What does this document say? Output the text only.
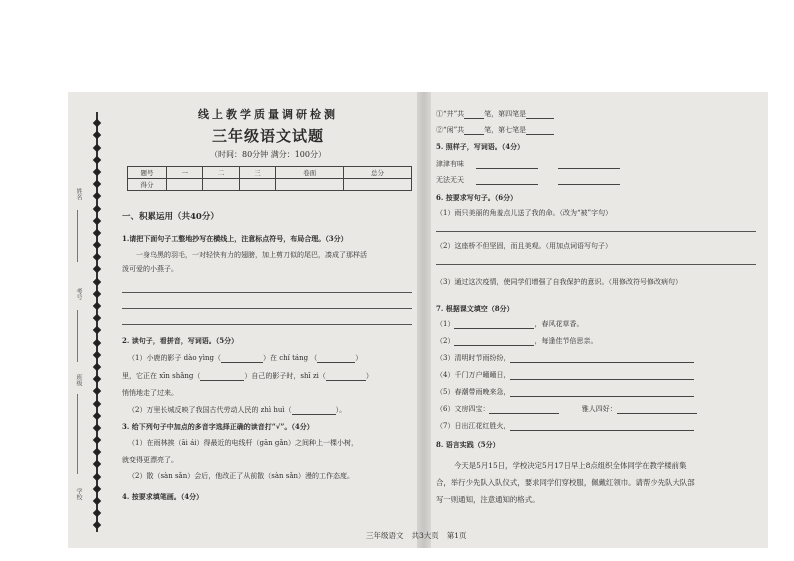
姓名
考号
班级
学校
线上教学质量调研检测
三年级语文试题
（时间：80分钟 满分：100分）
题号	一	二	三	卷面	总分
得分					
一、积累运用（共40分）
1.请把下面句子工整地抄写在横线上，注意标点符号，布局合理。（3分）
一身乌黑的羽毛，一对轻快有力的翅膀，加上剪刀似的尾巴，凑成了那样活
泼可爱的小燕子。
2. 读句子，看拼音，写词语。（5分）
（1）小鹿的影子 dào yìng（	）在 chí táng （	）
里，它正在 xīn shǎng（	）自己的影子时，shī zi（	）
悄悄地走了过来。
（2）万里长城反映了我国古代劳动人民的 zhì huì（	）。
3. 给下列句子中加点的多音字选择正确的读音打“√”。（4分）
（1）在雨林挨（āi ái）得最近的电线杆（gān gǎn）之间种上一棵小树，
就变得更漂亮了。
（2）散（sàn sǎn）会后，他改正了从前散（sàn sǎn）漫的工作态度。
4. 按要求填笔画。（4分）
①“井”共	笔，第四笔是
②“闲”共	笔，第七笔是
5. 照样子，写词语。（4分）
津津有味
无法无天
6. 按要求写句子。（6分）
（1）雨只美丽的角羞点儿送了我的命。（改为“被”字句）
（2）这座桥不但坚固，而且美观。（用加点词语写句子）
（3）通过这次疫情，使同学们增强了自我保护的意识。（用修改符号修改病句）
7. 根据课文填空（8分）
（1）	，春风花草香。
（2）	，每逢佳节倍思亲。
（3）清明时节雨纷纷，
（4）千门万户曈曈日，
（5）春潮带雨晚来急，
（6）文房四宝：	雅人四好：
（7）日出江花红胜火，
8. 语言实践（5分）
今天是5月15日，学校决定5月17日早上8点组织全体同学在教学楼前集
合，举行少先队入队仪式，要求同学们穿校服，佩戴红领巾。请帮少先队大队部
写一则通知，注意通知的格式。
三年级语文 共3大页 第1页
